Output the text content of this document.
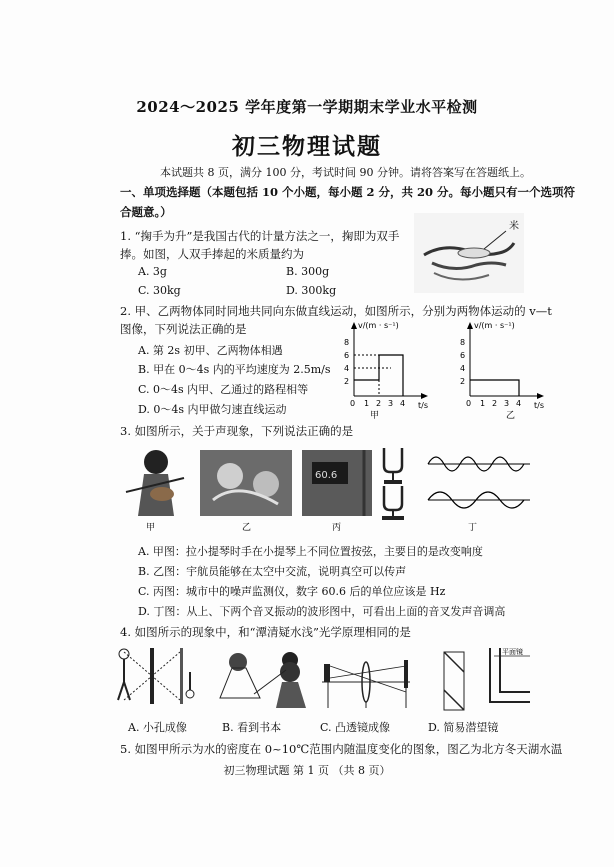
2024～2025 学年度第一学期期末学业水平检测
初三物理试题
本试题共 8 页，满分 100 分，考试时间 90 分钟。请将答案写在答题纸上。
一、单项选择题（本题包括 10 个小题，每小题 2 分，共 20 分。每小题只有一个选项符
合题意。）
1. “掬手为升”是我国古代的计量方法之一，掬即为双手
捧。如图，人双手捧起的米质量约为
A. 3g	B. 300g
C. 30kg	D. 300kg
米
2. 甲、乙两物体同时同地共同向东做直线运动，如图所示，分别为两物体运动的 v—t
图像，下列说法正确的是
A. 第 2s 初甲、乙两物体相遇
B. 甲在 0～4s 内的平均速度为 2.5m/s
C. 0～4s 内甲、乙通过的路程相等
D. 0～4s 内甲做匀速直线运动
v/(m · s⁻¹)
t/s
8
6
4
2
0 1 2 3 4
甲
v/(m · s⁻¹)
t/s
8
6
4
2
0 1 2 3 4
乙
3. 如图所示，关于声现象，下列说法正确的是
甲	乙
60.6
丙	丁
A. 甲图：拉小提琴时手在小提琴上不同位置按弦，主要目的是改变响度
B. 乙图：宇航员能够在太空中交流，说明真空可以传声
C. 丙图：城市中的噪声监测仪，数字 60.6 后的单位应该是 Hz
D. 丁图：从上、下两个音叉振动的波形图中，可看出上面的音叉发声音调高
4. 如图所示的现象中，和“潭清疑水浅”光学原理相同的是
平面镜
A. 小孔成像	B. 看到书本	C. 凸透镜成像	D. 简易潜望镜
5. 如图甲所示为水的密度在 0~10℃范围内随温度变化的图象，图乙为北方冬天湖水温
初三物理试题 第 1 页 （共 8 页）
